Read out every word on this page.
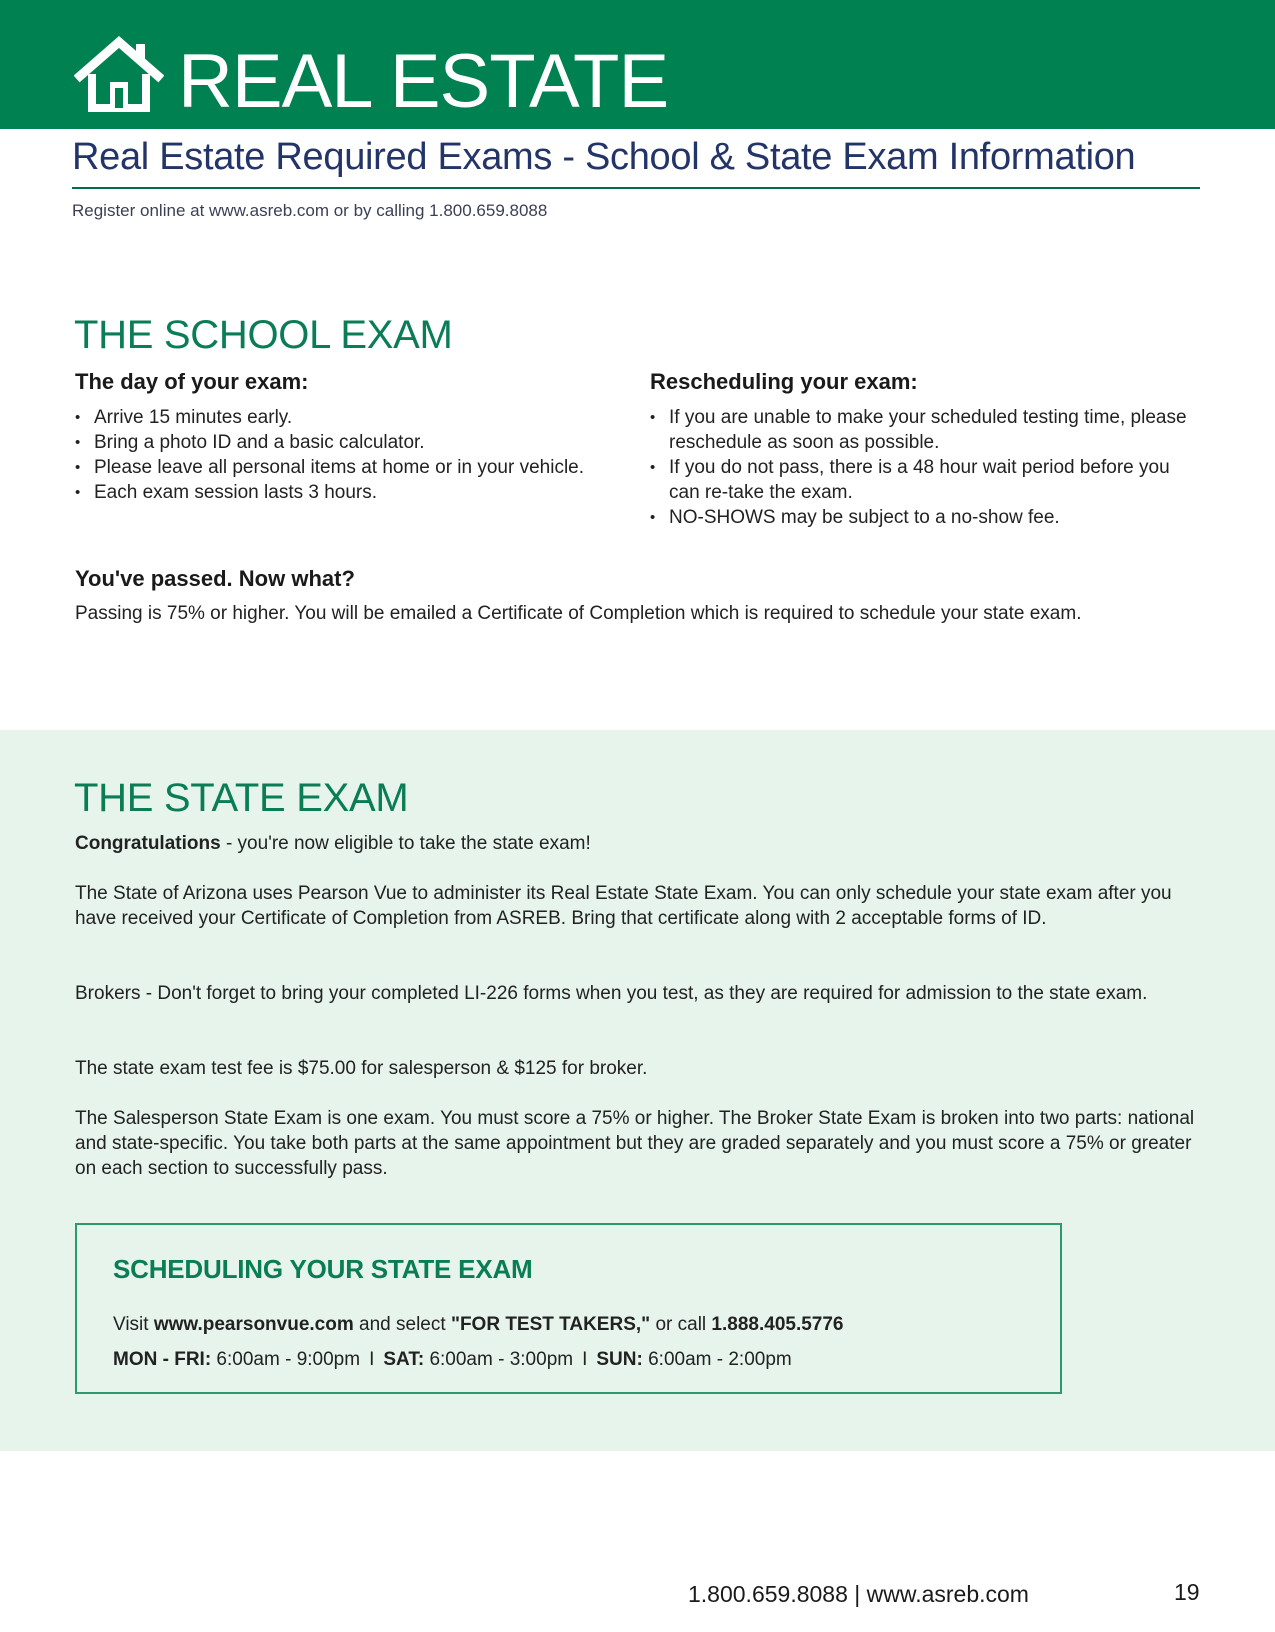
REAL ESTATE
Real Estate Required Exams - School & State Exam Information
Register online at www.asreb.com or by calling 1.800.659.8088
THE SCHOOL EXAM
The day of your exam:
• Arrive 15 minutes early.
• Bring a photo ID and a basic calculator.
• Please leave all personal items at home or in your vehicle.
• Each exam session lasts 3 hours.
Rescheduling your exam:
• If you are unable to make your scheduled testing time, please reschedule as soon as possible.
• If you do not pass, there is a 48 hour wait period before you can re-take the exam.
• NO-SHOWS may be subject to a no-show fee.
You've passed. Now what?
Passing is 75% or higher. You will be emailed a Certificate of Completion which is required to schedule your state exam.
THE STATE EXAM
Congratulations - you're now eligible to take the state exam!
The State of Arizona uses Pearson Vue to administer its Real Estate State Exam. You can only schedule your state exam after you have received your Certificate of Completion from ASREB. Bring that certificate along with 2 acceptable forms of ID.
Brokers - Don't forget to bring your completed LI-226 forms when you test, as they are required for admission to the state exam.
The state exam test fee is $75.00 for salesperson & $125 for broker.
The Salesperson State Exam is one exam. You must score a 75% or higher. The Broker State Exam is broken into two parts: national and state-specific. You take both parts at the same appointment but they are graded separately and you must score a 75% or greater on each section to successfully pass.
SCHEDULING YOUR STATE EXAM
Visit www.pearsonvue.com and select "FOR TEST TAKERS," or call 1.888.405.5776
MON - FRI: 6:00am - 9:00pm I SAT: 6:00am - 3:00pm I SUN: 6:00am - 2:00pm
1.800.659.8088 | www.asreb.com	19
